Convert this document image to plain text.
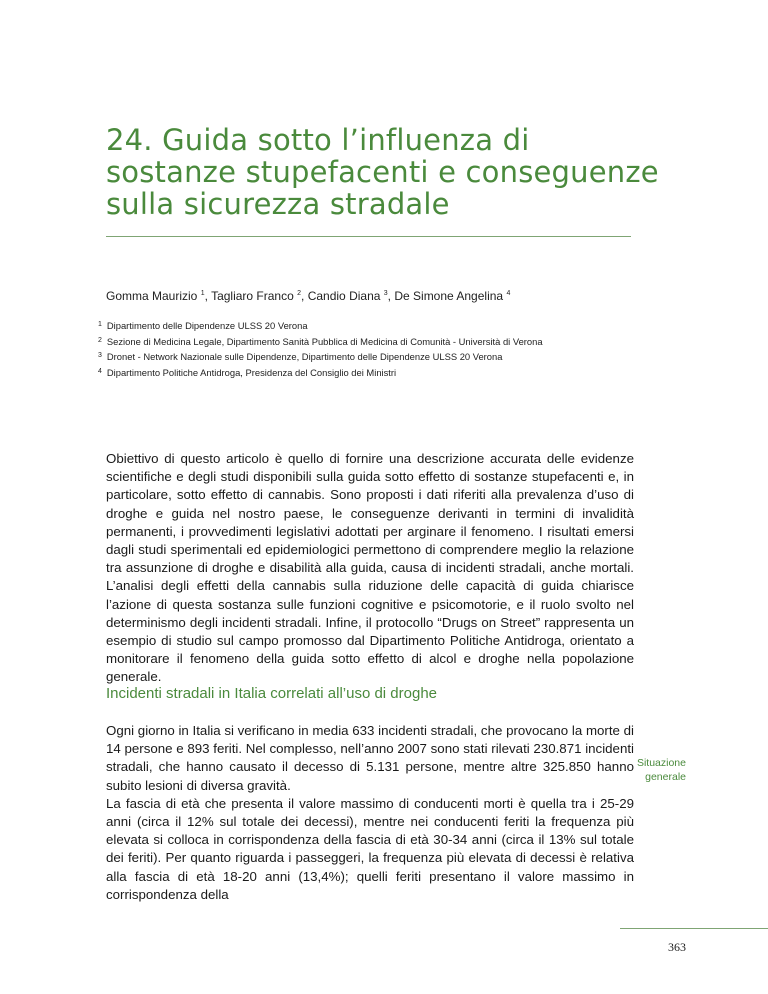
24. Guida sotto l’influenza di
sostanze stupefacenti e conseguenze
sulla sicurezza stradale
Gomma Maurizio $^1$, Tagliaro Franco $^2$, Candio Diana $^3$, De Simone Angelina $^4$
$^1$ Dipartimento delle Dipendenze ULSS 20 Verona
$^2$ Sezione di Medicina Legale, Dipartimento Sanità Pubblica di Medicina di Comunità - Università di Verona
$^3$ Dronet - Network Nazionale sulle Dipendenze, Dipartimento delle Dipendenze ULSS 20 Verona
$^4$ Dipartimento Politiche Antidroga, Presidenza del Consiglio dei Ministri

Obiettivo di questo articolo è quello di fornire una descrizione accurata delle evidenze scientifiche e degli studi disponibili sulla guida sotto effetto di sostanze stupefacenti e, in particolare, sotto effetto di cannabis. Sono proposti i dati riferiti alla prevalenza d’uso di droghe e guida nel nostro paese, le conseguenze derivanti in termini di invalidità permanenti, i provvedimenti legislativi adottati per arginare il fenomeno. I risultati emersi dagli studi sperimentali ed epidemiologici permettono di comprendere meglio la relazione tra assunzione di droghe e disabilità alla guida, causa di incidenti stradali, anche mortali. L’analisi degli effetti della cannabis sulla riduzione delle capacità di guida chiarisce l’azione di questa sostanza sulle funzioni cognitive e psicomotorie, e il ruolo svolto nel determinismo degli incidenti stradali. Infine, il protocollo “Drugs on Street” rappresenta un esempio di studio sul campo promosso dal Dipartimento Politiche Antidroga, orientato a monitorare il fenomeno della guida sotto effetto di alcol e droghe nella popolazione generale.

Incidenti stradali in Italia correlati all’uso di droghe
Ogni giorno in Italia si verificano in media 633 incidenti stradali, che provocano la morte di 14 persone e 893 feriti. Nel complesso, nell’anno 2007 sono stati rilevati 230.871 incidenti stradali, che hanno causato il decesso di 5.131 persone, mentre altre 325.850 hanno subito lesioni di diversa gravità.
La fascia di età che presenta il valore massimo di conducenti morti è quella tra i 25-29 anni (circa il 12% sul totale dei decessi), mentre nei conducenti feriti la frequenza più elevata si colloca in corrispondenza della fascia di età 30-34 anni (circa il 13% sul totale dei feriti). Per quanto riguarda i passeggeri, la frequenza più elevata di decessi è relativa alla fascia di età 18-20 anni (13,4%); quelli feriti presentano il valore massimo in corrispondenza della
Situazione
generale
363
